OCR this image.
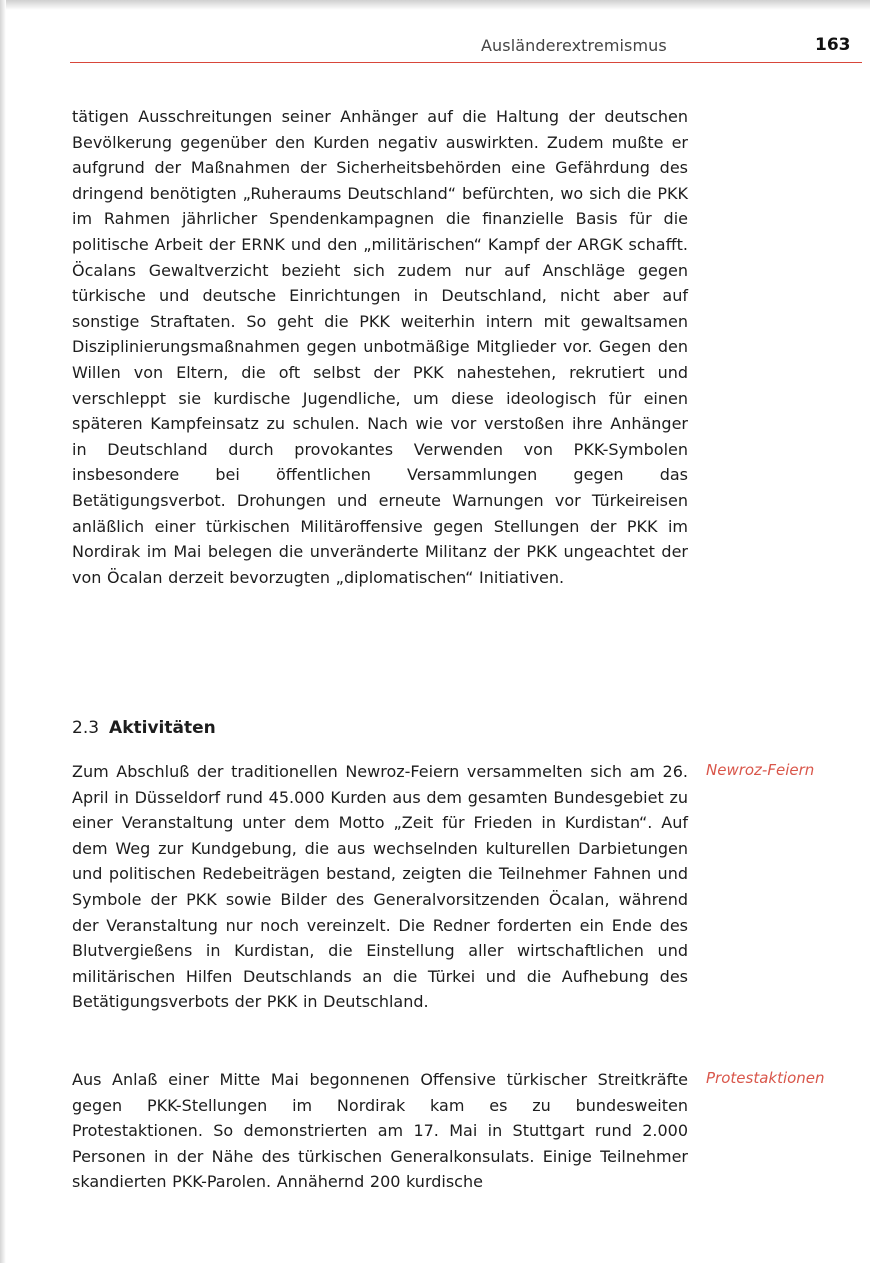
Ausländerextremismus	163

tätigen Ausschreitungen seiner Anhänger auf die Haltung der deutschen Bevölkerung gegenüber den Kurden negativ auswirkten. Zudem mußte er aufgrund der Maßnahmen der Sicherheitsbehörden eine Gefährdung des dringend benötigten „Ruheraums Deutschland“ befürchten, wo sich die PKK im Rahmen jährlicher Spendenkampagnen die finanzielle Basis für die politische Arbeit der ERNK und den „militärischen“ Kampf der ARGK schafft. Öcalans Gewaltverzicht bezieht sich zudem nur auf Anschläge gegen türkische und deutsche Einrichtungen in Deutschland, nicht aber auf sonstige Straftaten. So geht die PKK weiterhin intern mit gewaltsamen Disziplinierungsmaßnahmen gegen unbotmäßige Mitglieder vor. Gegen den Willen von Eltern, die oft selbst der PKK nahestehen, rekrutiert und verschleppt sie kurdische Jugendliche, um diese ideologisch für einen späteren Kampfeinsatz zu schulen. Nach wie vor verstoßen ihre Anhänger in Deutschland durch provokantes Verwenden von PKK-Symbolen insbesondere bei öffentlichen Versammlungen gegen das Betätigungsverbot. Drohungen und erneute Warnungen vor Türkeireisen anläßlich einer türkischen Militäroffensive gegen Stellungen der PKK im Nordirak im Mai belegen die unveränderte Militanz der PKK ungeachtet der von Öcalan derzeit bevorzugten „diplomatischen“ Initiativen.

2.3 Aktivitäten

Zum Abschluß der traditionellen Newroz-Feiern versammelten sich am 26. April in Düsseldorf rund 45.000 Kurden aus dem gesamten Bundesgebiet zu einer Veranstaltung unter dem Motto „Zeit für Frieden in Kurdistan“. Auf dem Weg zur Kundgebung, die aus wechselnden kulturellen Darbietungen und politischen Redebeiträgen bestand, zeigten die Teilnehmer Fahnen und Symbole der PKK sowie Bilder des Generalvorsitzenden Öcalan, während der Veranstaltung nur noch vereinzelt. Die Redner forderten ein Ende des Blutvergießens in Kurdistan, die Einstellung aller wirtschaftlichen und militärischen Hilfen Deutschlands an die Türkei und die Aufhebung des Betätigungsverbots der PKK in Deutschland.

Newroz-Feiern

Aus Anlaß einer Mitte Mai begonnenen Offensive türkischer Streitkräfte gegen PKK-Stellungen im Nordirak kam es zu bundesweiten Protestaktionen. So demonstrierten am 17. Mai in Stuttgart rund 2.000 Personen in der Nähe des türkischen Generalkonsulats. Einige Teilnehmer skandierten PKK-Parolen. Annähernd 200 kurdische

Protestaktionen
